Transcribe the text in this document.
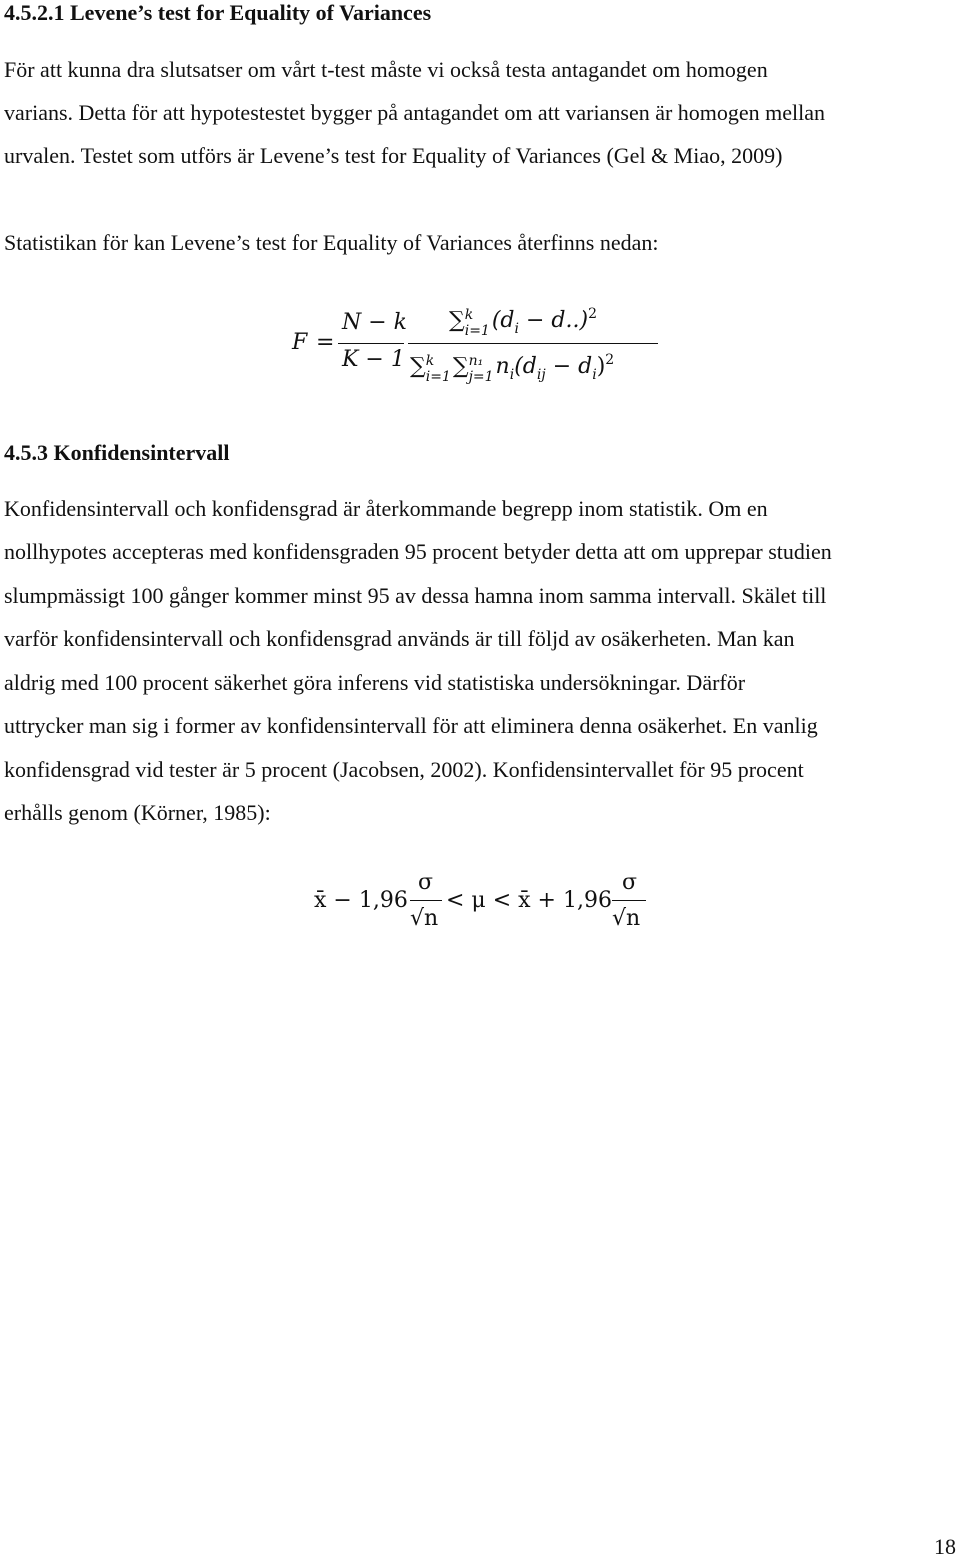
4.5.2.1 Levene’s test for Equality of Variances
För att kunna dra slutsatser om vårt t-test måste vi också testa antagandet om homogen
varians. Detta för att hypotestestet bygger på antagandet om att variansen är homogen mellan
urvalen. Testet som utförs är Levene’s test for Equality of Variances (Gel & Miao, 2009)
Statistikan för kan Levene’s test for Equality of Variances återfinns nedan:
F =
N − k
K − 1
∑ k
i=1 $(d_i - d..)^2$
∑ k
i=1 ∑ n₁
j=1 $n_i(d_{ij} - d_i)^2$
4.5.3 Konfidensintervall
Konfidensintervall och konfidensgrad är återkommande begrepp inom statistik. Om en
nollhypotes accepteras med konfidensgraden 95 procent betyder detta att om upprepar studien
slumpmässigt 100 gånger kommer minst 95 av dessa hamna inom samma intervall. Skälet till
varför konfidensintervall och konfidensgrad används är till följd av osäkerheten. Man kan
aldrig med 100 procent säkerhet göra inferens vid statistiska undersökningar. Därför
uttrycker man sig i former av konfidensintervall för att eliminera denna osäkerhet. En vanlig
konfidensgrad vid tester är 5 procent (Jacobsen, 2002). Konfidensintervallet för 95 procent
erhålls genom (Körner, 1985):
x̄ − 1,96
σ
√n
< μ < x̄ + 1,96
σ
√n
18
